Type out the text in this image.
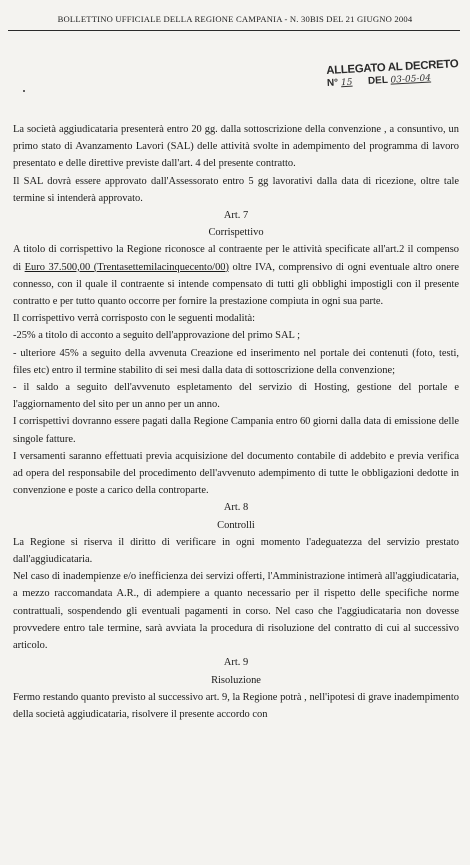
BOLLETTINO UFFICIALE DELLA REGIONE CAMPANIA - N. 30BIS DEL 21 GIUGNO 2004
ALLEGATO AL DECRETO
N° 15 DEL 03-05-04

La società aggiudicataria presenterà entro 20 gg. dalla sottoscrizione della convenzione , a consuntivo, un primo stato di Avanzamento Lavori (SAL) delle attività svolte in adempimento del programma di lavoro presentato e delle direttive previste dall'art. 4 del presente contratto.

Il SAL dovrà essere approvato dall'Assessorato entro 5 gg lavorativi dalla data di ricezione, oltre tale termine si intenderà approvato.

Art. 7

Corrispettivo

A titolo di corrispettivo la Regione riconosce al contraente per le attività specificate all'art.2 il compenso di Euro 37.500,00 (Trentasettemilacinquecento/00) oltre IVA, comprensivo di ogni eventuale altro onere connesso, con il quale il contraente si intende compensato di tutti gli obblighi impostigli con il presente contratto e per tutto quanto occorre per fornire la prestazione compiuta in ogni sua parte.

Il corrispettivo verrà corrisposto con le seguenti modalità:

-25% a titolo di acconto a seguito dell'approvazione del primo SAL ;

- ulteriore 45% a seguito della avvenuta Creazione ed inserimento nel portale dei contenuti (foto, testi, files etc) entro il termine stabilito di sei mesi dalla data di sottoscrizione della convenzione;

- il saldo a seguito dell'avvenuto espletamento del servizio di Hosting, gestione del portale e l'aggiornamento del sito per un anno per un anno.

I corrispettivi dovranno essere pagati dalla Regione Campania entro 60 giorni dalla data di emissione delle singole fatture.

I versamenti saranno effettuati previa acquisizione del documento contabile di addebito e previa verifica ad opera del responsabile del procedimento dell'avvenuto adempimento di tutte le obbligazioni dedotte in convenzione e poste a carico della controparte.

Art. 8

Controlli

La Regione si riserva il diritto di verificare in ogni momento l'adeguatezza del servizio prestato dall'aggiudicataria.

Nel caso di inadempienze e/o inefficienza dei servizi offerti, l'Amministrazione intimerà all'aggiudicataria, a mezzo raccomandata A.R., di adempiere a quanto necessario per il rispetto delle specifiche norme contrattuali, sospendendo gli eventuali pagamenti in corso. Nel caso che l'aggiudicataria non dovesse provvedere entro tale termine, sarà avviata la procedura di risoluzione del contratto di cui al successivo articolo.

Art. 9

Risoluzione

Fermo restando quanto previsto al successivo art. 9, la Regione potrà , nell'ipotesi di grave inadempimento della società aggiudicataria, risolvere il presente accordo con
